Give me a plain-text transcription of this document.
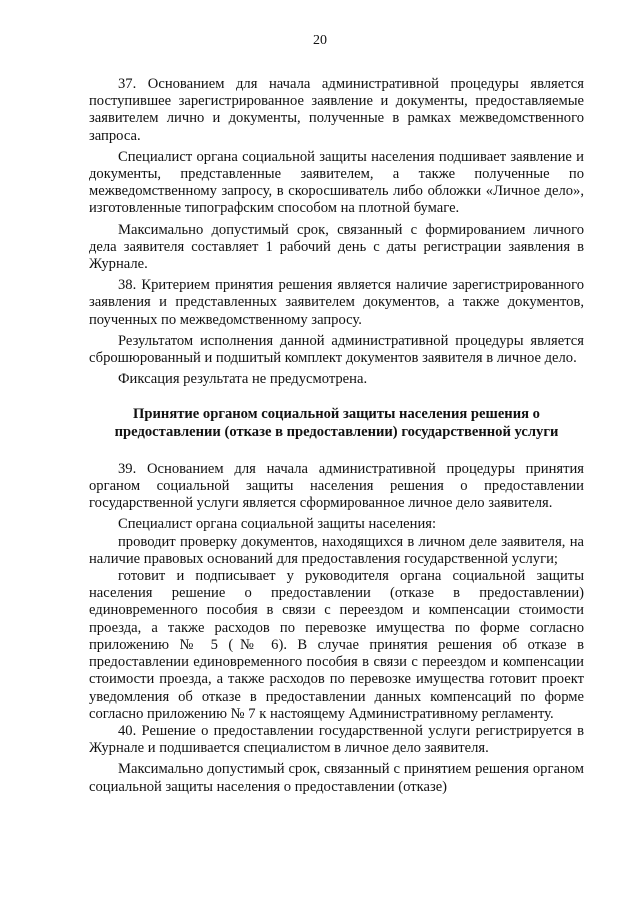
20

37. Основанием для начала административной процедуры является поступившее зарегистрированное заявление и документы, предоставляемые заявителем лично и документы, полученные в рамках межведомственного запроса.

Специалист органа социальной защиты населения подшивает заявление и документы, представленные заявителем, а также полученные по межведомственному запросу, в скоросшиватель либо обложки «Личное дело», изготовленные типографским способом на плотной бумаге.

Максимально допустимый срок, связанный с формированием личного дела заявителя составляет 1 рабочий день с даты регистрации заявления в Журнале.

38. Критерием принятия решения является наличие зарегистрированного заявления и представленных заявителем документов, а также документов, поученных по межведомственному запросу.

Результатом исполнения данной административной процедуры является сброшюрованный и подшитый комплект документов заявителя в личное дело.

Фиксация результата не предусмотрена.

Принятие органом социальной защиты населения решения о предоставлении (отказе в предоставлении) государственной услуги

39. Основанием для начала административной процедуры принятия органом социальной защиты населения решения о предоставлении государственной услуги является сформированное личное дело заявителя.

Специалист органа социальной защиты населения:

проводит проверку документов, находящихся в личном деле заявителя, на наличие правовых оснований для предоставления государственной услуги;

готовит и подписывает у руководителя органа социальной защиты населения решение о предоставлении (отказе в предоставлении) единовременного пособия в связи с переездом и компенсации стоимости проезда, а также расходов по перевозке имущества по форме согласно приложению № 5 (№ 6). В случае принятия решения об отказе в предоставлении единовременного пособия в связи с переездом и компенсации стоимости проезда, а также расходов по перевозке имущества готовит проект уведомления об отказе в предоставлении данных компенсаций по форме согласно приложению № 7 к настоящему Административному регламенту.

40. Решение о предоставлении государственной услуги регистрируется в Журнале и подшивается специалистом в личное дело заявителя.

Максимально допустимый срок, связанный с принятием решения органом социальной защиты населения о предоставлении (отказе)
